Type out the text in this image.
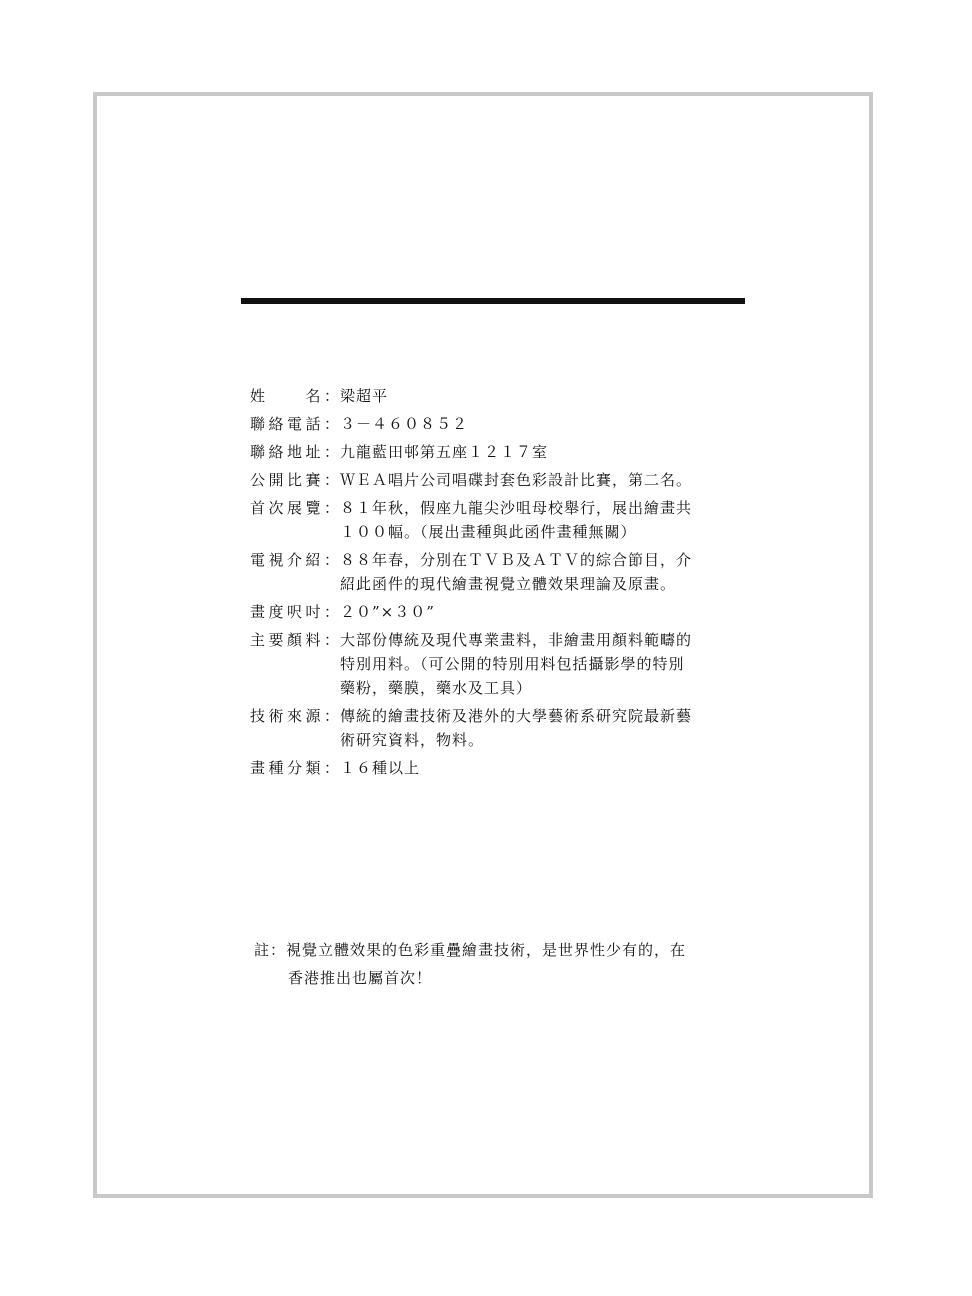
姓　　名： 梁超平
聯絡電話： ３－４６０８５２
聯絡地址： 九龍藍田邨第五座１２１７室
公開比賽： ＷＥＡ唱片公司唱碟封套色彩設計比賽，第二名。
首次展覽： ８１年秋，假座九龍尖沙咀母校舉行，展出繪畫共
１００幅。（展出畫種與此函件畫種無關）
電視介紹： ８８年春，分別在ＴＶＢ及ＡＴＶ的綜合節目，介
紹此函件的現代繪畫視覺立體效果理論及原畫。
畫度呎吋： ２０”×３０”
主要顏料： 大部份傳統及現代專業畫料，非繪畫用顏料範疇的
特別用料。（可公開的特別用料包括攝影學的特別
藥粉，藥膜，藥水及工具）
技術來源： 傳統的繪畫技術及港外的大學藝術系研究院最新藝
術研究資料，物料。
畫種分類： １６種以上
註：視覺立體效果的色彩重疊繪畫技術，是世界性少有的，在
香港推出也屬首次！
